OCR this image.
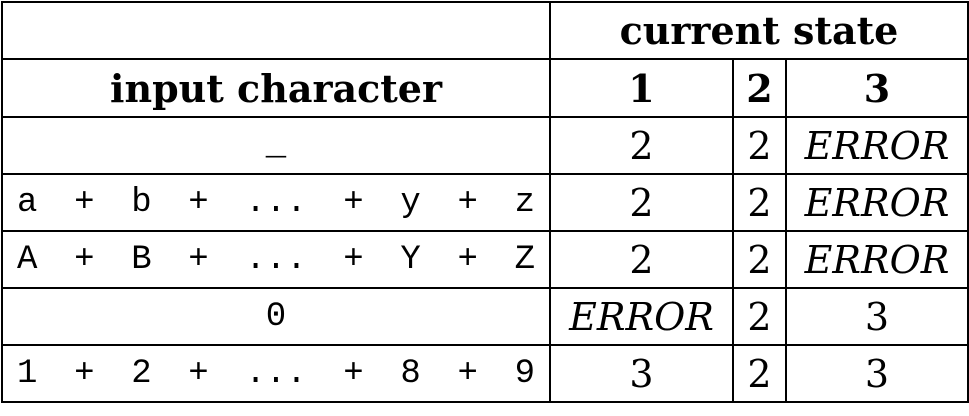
	current state		
input character	1	2	3
_	2	2	ERROR
a + b + ... + y + z	2	2	ERROR
A + B + ... + Y + Z	2	2	ERROR
0	ERROR	2	3
1 + 2 + ... + 8 + 9	3	2	3
